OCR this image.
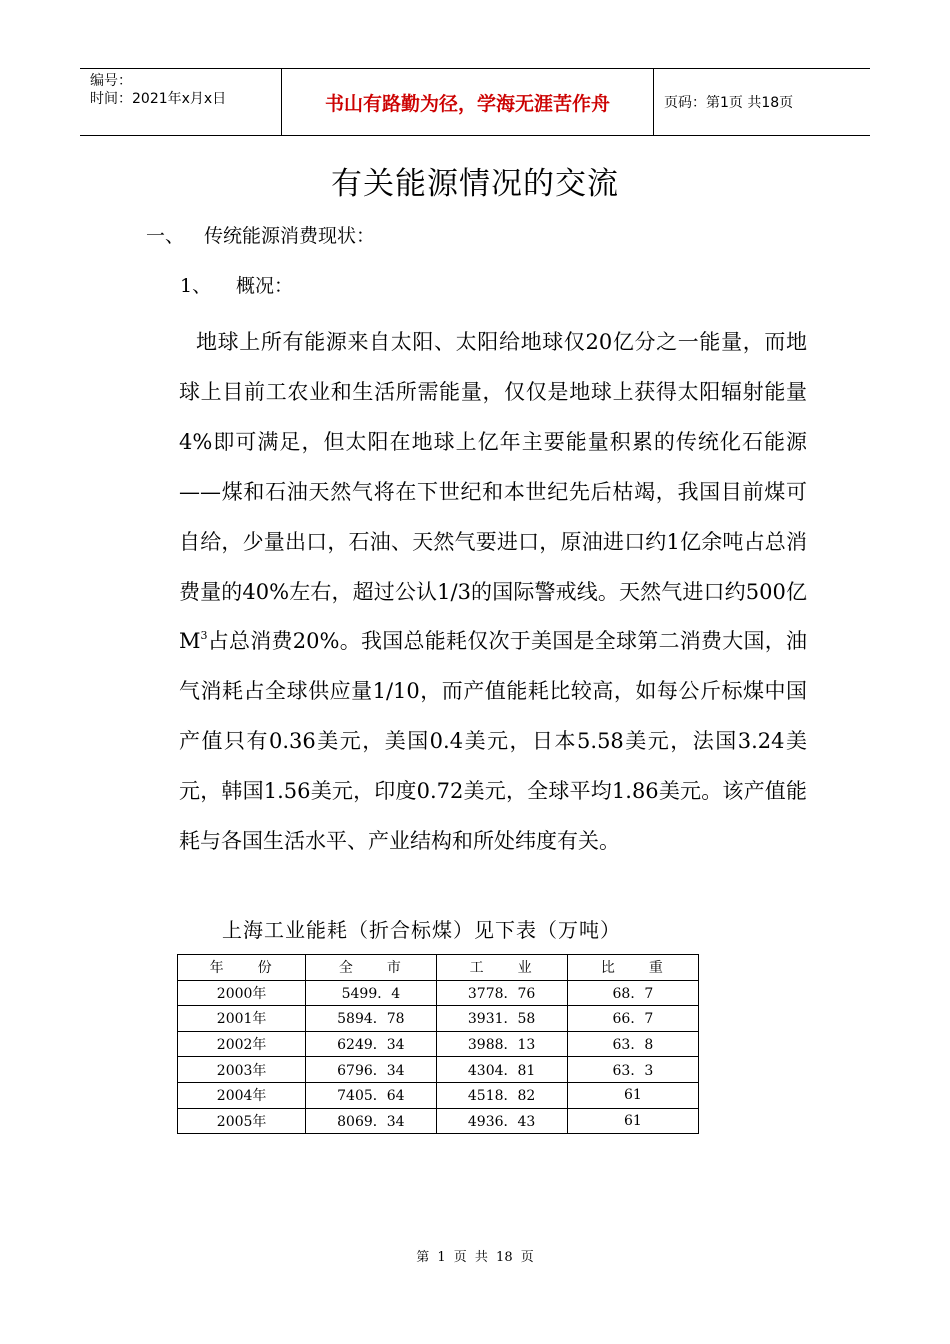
编号：
时间：2021年x月x日	书山有路勤为径，学海无涯苦作舟	页码：第1页 共18页
有关能源情况的交流
一、 传统能源消费现状：
1、 概况：

地球上所有能源来自太阳、太阳给地球仅20亿分之一能量，而地球上目前工农业和生活所需能量，仅仅是地球上获得太阳辐射能量4%即可满足，但太阳在地球上亿年主要能量积累的传统化石能源——煤和石油天然气将在下世纪和本世纪先后枯竭，我国目前煤可自给，少量出口，石油、天然气要进口，原油进口约1亿余吨占总消费量的40%左右，超过公认1/3的国际警戒线。天然气进口约500亿$M^3$占总消费20%。我国总能耗仅次于美国是全球第二消费大国，油气消耗占全球供应量1/10，而产值能耗比较高，如每公斤标煤中国产值只有0.36美元，美国0.4美元，日本5.58美元，法国3.24美元，韩国1.56美元，印度0.72美元，全球平均1.86美元。该产值能耗与各国生活水平、产业结构和所处纬度有关。

上海工业能耗（折合标煤）见下表（万吨）
年　　份	全　　市	工　　业	比　　重
2000年	5499．4	3778．76	68．7
2001年	5894．78	3931．58	66．7
2002年	6249．34	3988．13	63．8
2003年	6796．34	4304．81	63．3
2004年	7405．64	4518．82	61
2005年	8069．34	4936．43	61
第 1 页 共 18 页
